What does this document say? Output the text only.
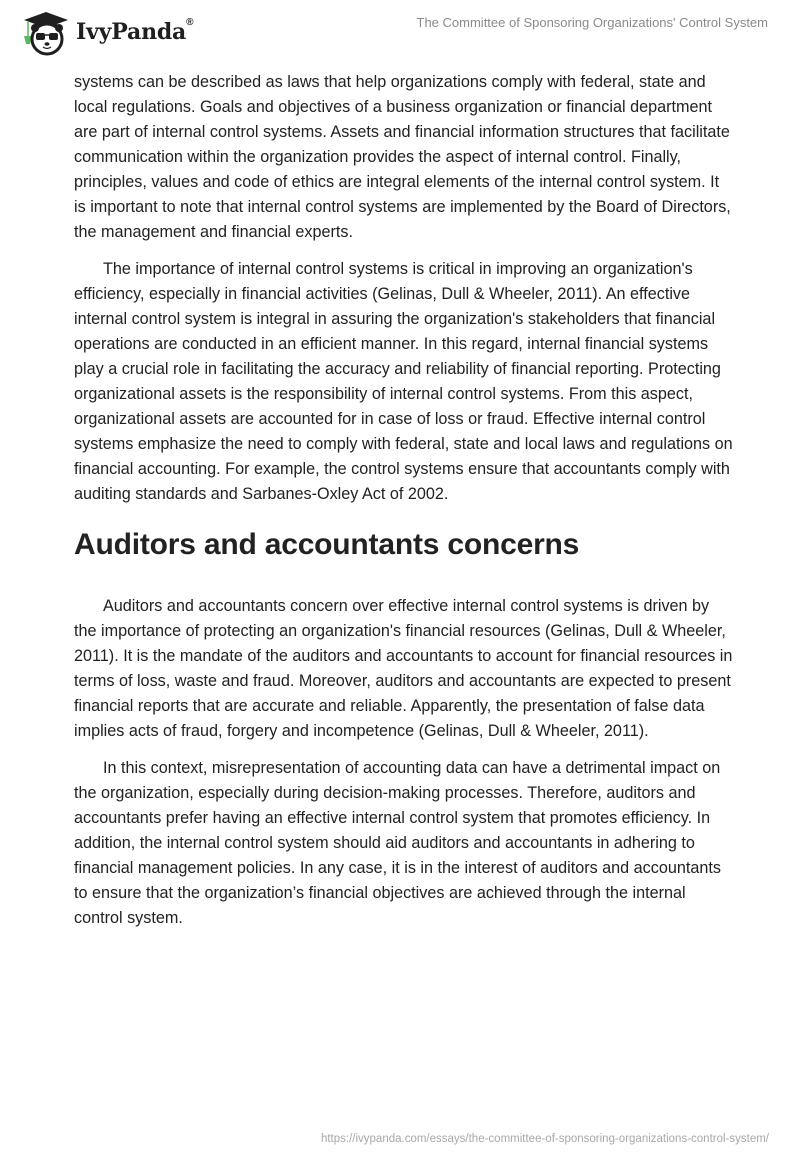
IvyPanda®	The Committee of Sponsoring Organizations' Control System

systems can be described as laws that help organizations comply with federal, state and local regulations. Goals and objectives of a business organization or financial department are part of internal control systems. Assets and financial information structures that facilitate communication within the organization provides the aspect of internal control. Finally, principles, values and code of ethics are integral elements of the internal control system. It is important to note that internal control systems are implemented by the Board of Directors, the management and financial experts.

The importance of internal control systems is critical in improving an organization's efficiency, especially in financial activities (Gelinas, Dull & Wheeler, 2011). An effective internal control system is integral in assuring the organization's stakeholders that financial operations are conducted in an efficient manner. In this regard, internal financial systems play a crucial role in facilitating the accuracy and reliability of financial reporting. Protecting organizational assets is the responsibility of internal control systems. From this aspect, organizational assets are accounted for in case of loss or fraud. Effective internal control systems emphasize the need to comply with federal, state and local laws and regulations on financial accounting. For example, the control systems ensure that accountants comply with auditing standards and Sarbanes-Oxley Act of 2002.

Auditors and accountants concerns

Auditors and accountants concern over effective internal control systems is driven by the importance of protecting an organization's financial resources (Gelinas, Dull & Wheeler, 2011). It is the mandate of the auditors and accountants to account for financial resources in terms of loss, waste and fraud. Moreover, auditors and accountants are expected to present financial reports that are accurate and reliable. Apparently, the presentation of false data implies acts of fraud, forgery and incompetence (Gelinas, Dull & Wheeler, 2011).

In this context, misrepresentation of accounting data can have a detrimental impact on the organization, especially during decision-making processes. Therefore, auditors and accountants prefer having an effective internal control system that promotes efficiency. In addition, the internal control system should aid auditors and accountants in adhering to financial management policies. In any case, it is in the interest of auditors and accountants to ensure that the organization’s financial objectives are achieved through the internal control system.

https://ivypanda.com/essays/the-committee-of-sponsoring-organizations-control-system/
